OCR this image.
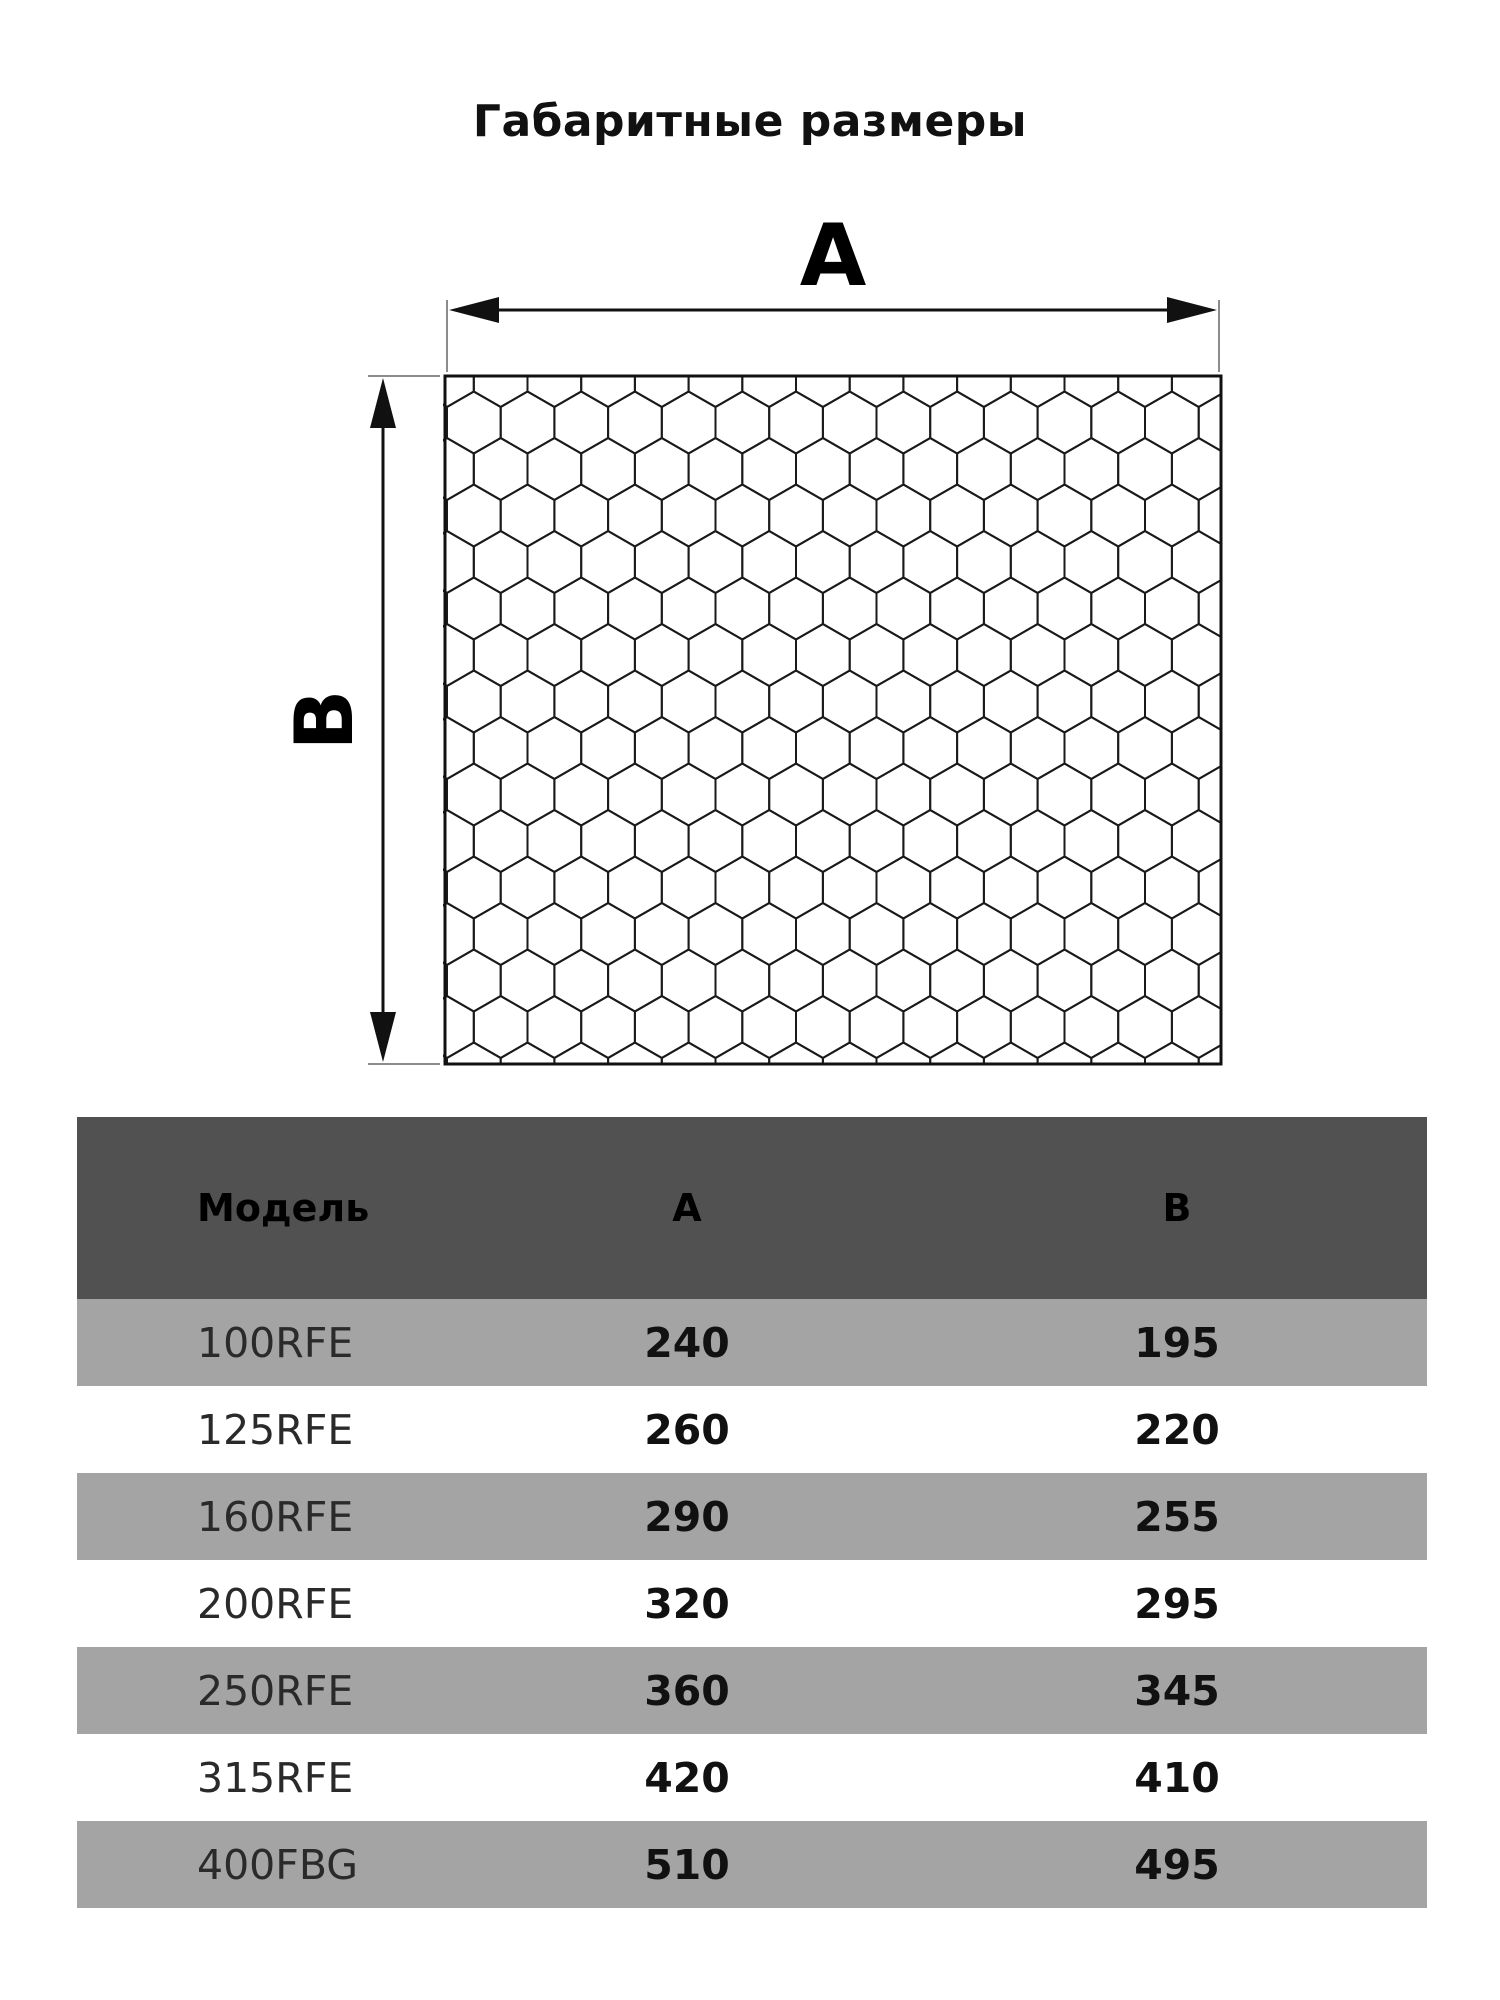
Габаритные размеры
A
B
Модель	A	B
100RFE	240	195
125RFE	260	220
160RFE	290	255
200RFE	320	295
250RFE	360	345
315RFE	420	410
400FBG	510	495
